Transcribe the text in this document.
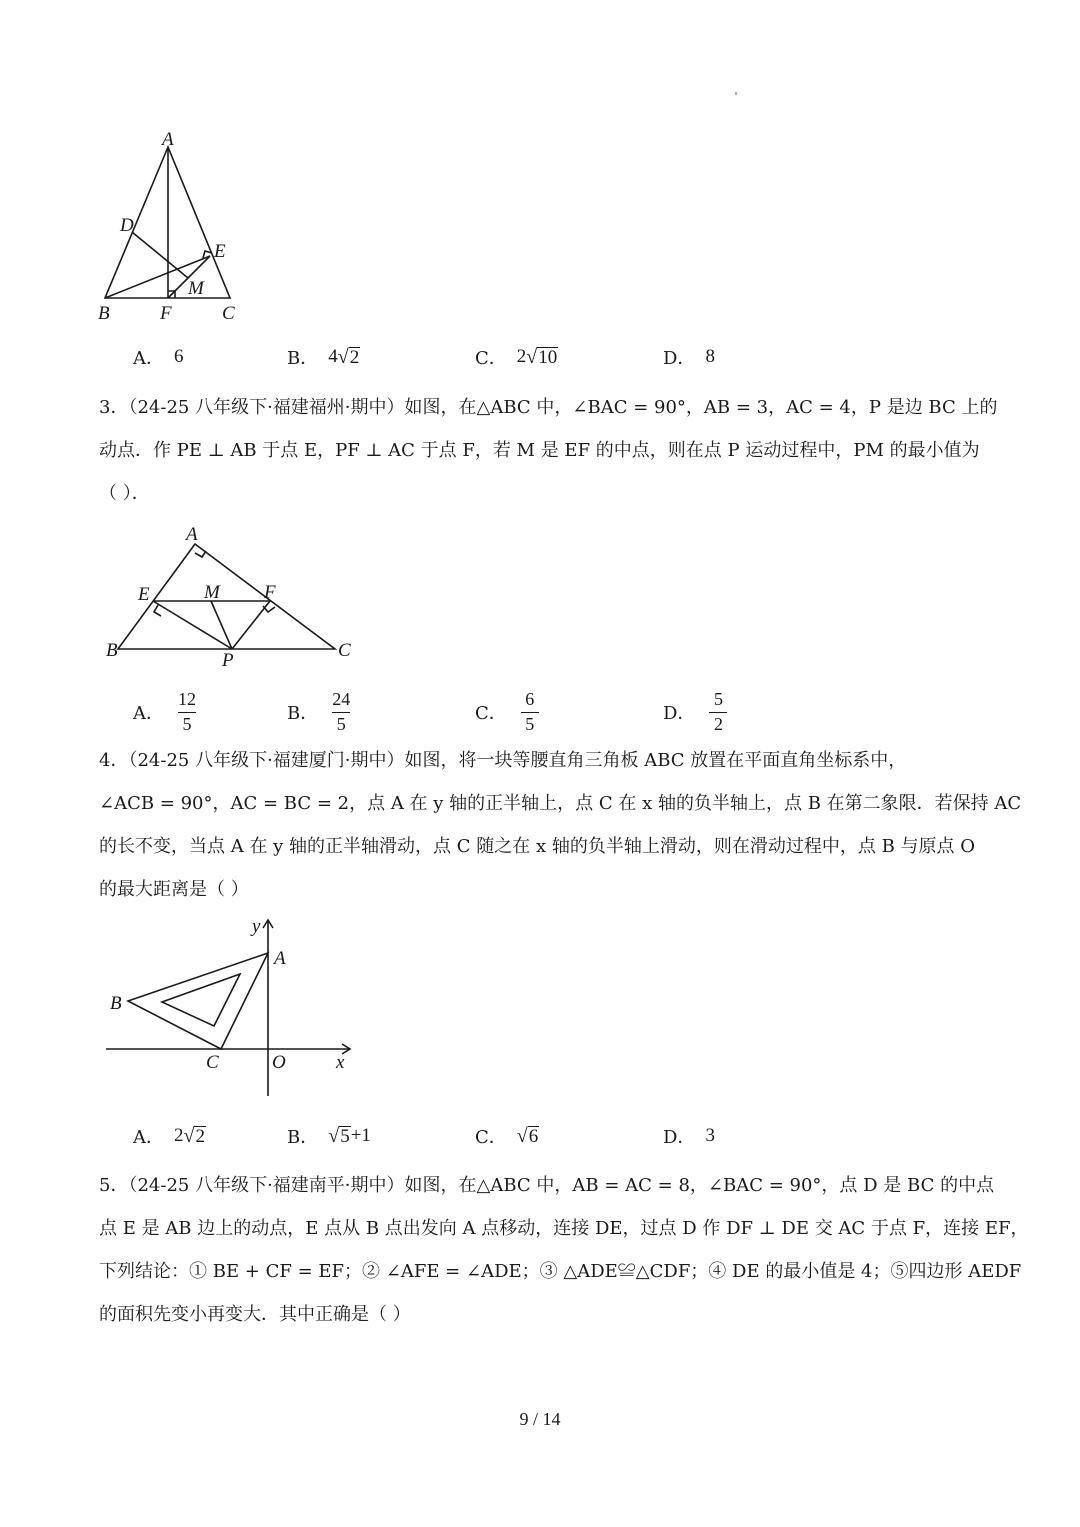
A
D
E
M
B	F	C
A． 6	B． 4 √ 2	C． 2 √ 10	D． 8
3．（24-25 八年级下·福建福州·期中）如图，在△ABC 中，∠BAC = 90°，AB = 3，AC = 4，P 是边 BC 上的
动点．作 PE ⊥ AB 于点 E，PF ⊥ AC 于点 F，若 M 是 EF 的中点，则在点 P 运动过程中，PM 的最小值为
（ ）．
A
E	M F
B	P	C
A． $\frac{12}{5}$	B． $\frac{24}{5}$	C． $\frac{6}{5}$	D． $\frac{5}{2}$
4．（24-25 八年级下·福建厦门·期中）如图，将一块等腰直角三角板 ABC 放置在平面直角坐标系中，
∠ACB = 90°，AC = BC = 2，点 A 在 y 轴的正半轴上，点 C 在 x 轴的负半轴上，点 B 在第二象限．若保持 AC
的长不变，当点 A 在 y 轴的正半轴滑动，点 C 随之在 x 轴的负半轴上滑动，则在滑动过程中，点 B 与原点 O
的最大距离是（ ）
y
A
B
C	O	x
A． 2 √ 2	B． √ 5 +1	C． √ 6	D． 3
5．（24-25 八年级下·福建南平·期中）如图，在△ABC 中，AB = AC = 8，∠BAC = 90°，点 D 是 BC 的中点
点 E 是 AB 边上的动点，E 点从 B 点出发向 A 点移动，连接 DE，过点 D 作 DF ⊥ DE 交 AC 于点 F，连接 EF，
下列结论：① BE + CF = EF；② ∠AFE = ∠ADE；③ △ADE≌△CDF；④ DE 的最小值是 4；⑤四边形 AEDF
的面积先变小再变大．其中正确是（ ）
9 / 14
